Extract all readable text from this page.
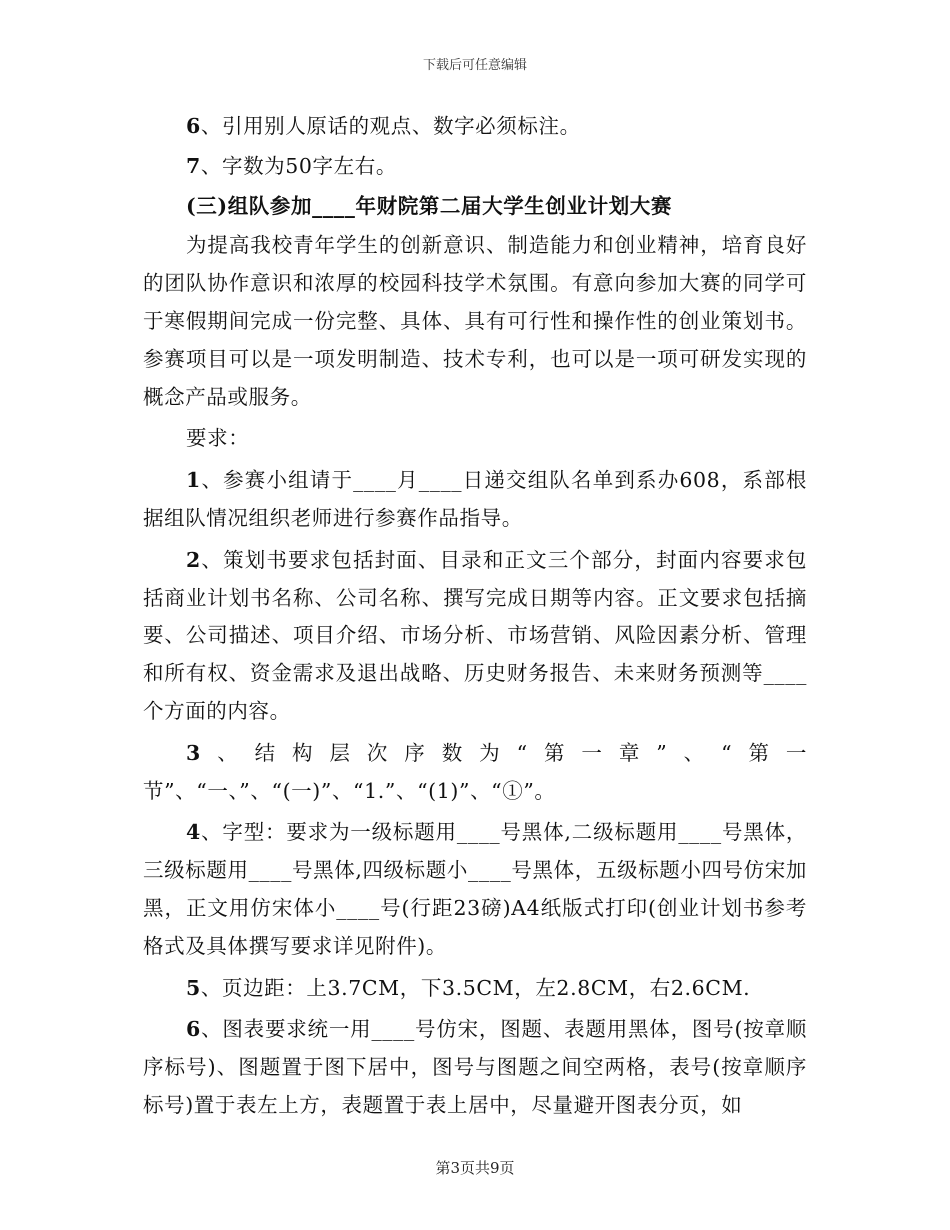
下载后可任意编辑

6、引用别人原话的观点、数字必须标注。

7、字数为50字左右。

(三)组队参加____年财院第二届大学生创业计划大赛

为提高我校青年学生的创新意识、制造能力和创业精神，培育良好的团队协作意识和浓厚的校园科技学术氛围。有意向参加大赛的同学可于寒假期间完成一份完整、具体、具有可行性和操作性的创业策划书。参赛项目可以是一项发明制造、技术专利，也可以是一项可研发实现的概念产品或服务。

要求：

1、参赛小组请于____月____日递交组队名单到系办608，系部根据组队情况组织老师进行参赛作品指导。

2、策划书要求包括封面、目录和正文三个部分，封面内容要求包括商业计划书名称、公司名称、撰写完成日期等内容。正文要求包括摘要、公司描述、项目介绍、市场分析、市场营销、风险因素分析、管理和所有权、资金需求及退出战略、历史财务报告、未来财务预测等____个方面的内容。

3、结构层次序数为“第一章”、“第一节”、“一、”、“(一)”、“1.”、“(1)”、“①”。

4、字型：要求为一级标题用____号黑体,二级标题用____号黑体，三级标题用____号黑体,四级标题小____号黑体，五级标题小四号仿宋加黑，正文用仿宋体小____号(行距23磅)A4纸版式打印(创业计划书参考格式及具体撰写要求详见附件)。

5、页边距：上3.7CM，下3.5CM，左2.8CM，右2.6CM.

6、图表要求统一用____号仿宋，图题、表题用黑体，图号(按章顺序标号)、图题置于图下居中，图号与图题之间空两格，表号(按章顺序标号)置于表左上方，表题置于表上居中，尽量避开图表分页，如

第3页共9页
